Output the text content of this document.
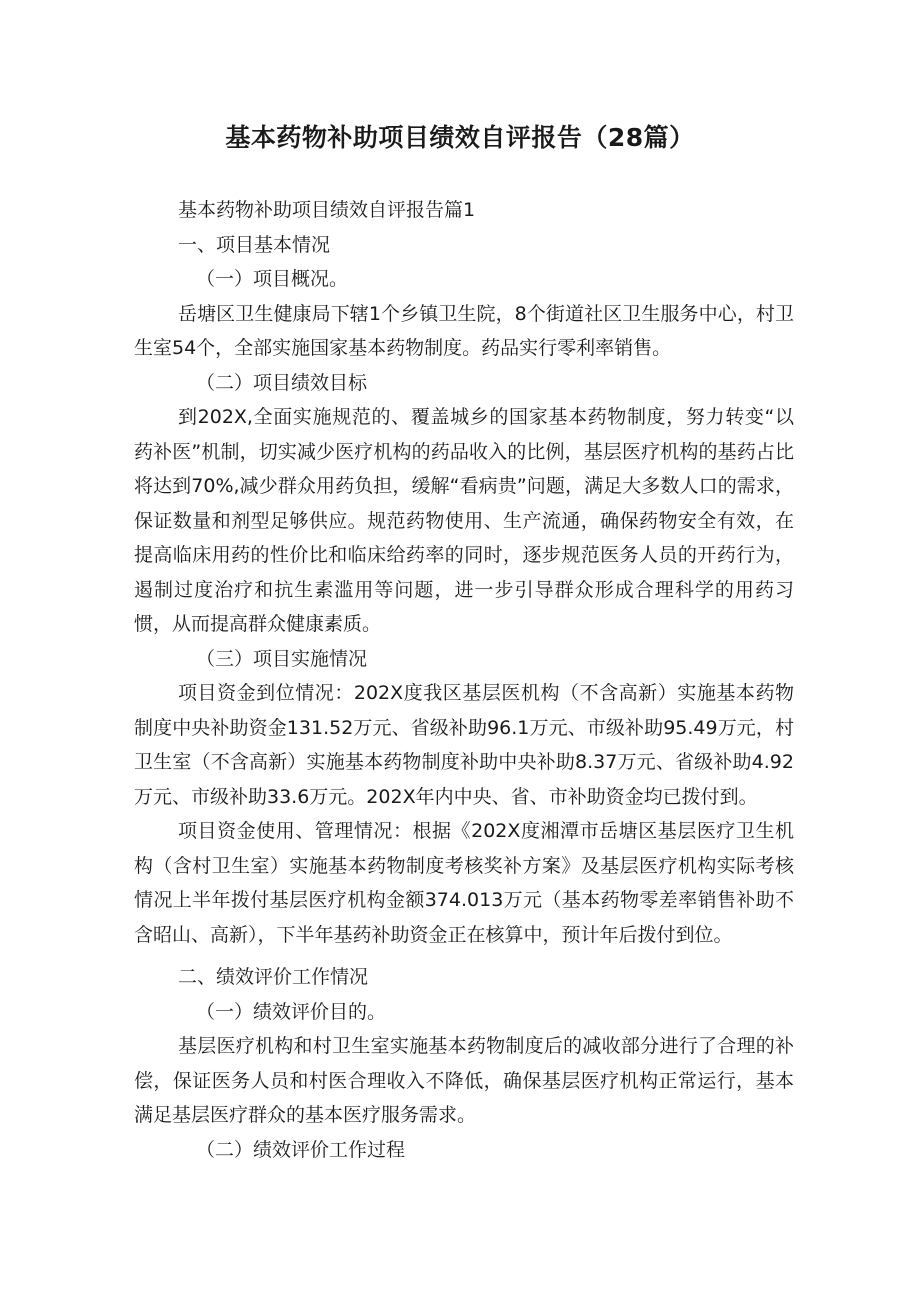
基本药物补助项目绩效自评报告（28篇）

基本药物补助项目绩效自评报告篇1

一、项目基本情况

（一）项目概况。

岳塘区卫生健康局下辖1个乡镇卫生院，8个街道社区卫生服务中心，村卫生室54个，全部实施国家基本药物制度。药品实行零利率销售。

（二）项目绩效目标

到202X,全面实施规范的、覆盖城乡的国家基本药物制度，努力转变“以药补医”机制，切实减少医疗机构的药品收入的比例，基层医疗机构的基药占比将达到70%,减少群众用药负担，缓解“看病贵”问题，满足大多数人口的需求，保证数量和剂型足够供应。规范药物使用、生产流通，确保药物安全有效，在提高临床用药的性价比和临床给药率的同时，逐步规范医务人员的开药行为，遏制过度治疗和抗生素滥用等问题，进一步引导群众形成合理科学的用药习惯，从而提高群众健康素质。

（三）项目实施情况

项目资金到位情况：202X度我区基层医机构（不含高新）实施基本药物制度中央补助资金131.52万元、省级补助96.1万元、市级补助95.49万元，村卫生室（不含高新）实施基本药物制度补助中央补助8.37万元、省级补助4.92万元、市级补助33.6万元。202X年内中央、省、市补助资金均已拨付到。

项目资金使用、管理情况：根据《202X度湘潭市岳塘区基层医疗卫生机构（含村卫生室）实施基本药物制度考核奖补方案》及基层医疗机构实际考核情况上半年拨付基层医疗机构金额374.013万元（基本药物零差率销售补助不含昭山、高新），下半年基药补助资金正在核算中，预计年后拨付到位。

二、绩效评价工作情况

（一）绩效评价目的。

基层医疗机构和村卫生室实施基本药物制度后的减收部分进行了合理的补偿，保证医务人员和村医合理收入不降低，确保基层医疗机构正常运行，基本满足基层医疗群众的基本医疗服务需求。

（二）绩效评价工作过程
